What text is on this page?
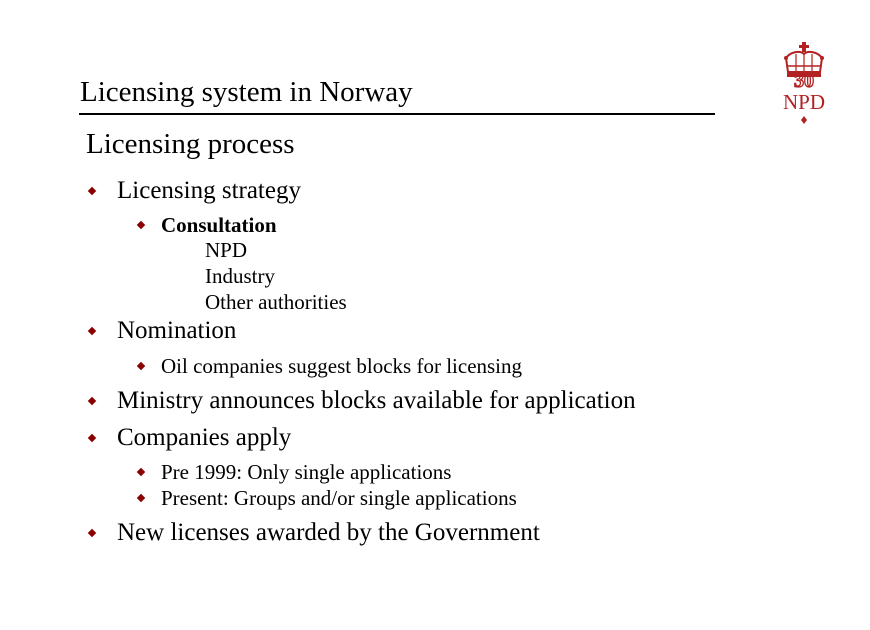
Licensing system in Norway	30
NPD
Licensing process
Licensing strategy
Consultation
NPD
Industry
Other authorities
Nomination
Oil companies suggest blocks for licensing
Ministry announces blocks available for application
Companies apply
Pre 1999: Only single applications
Present: Groups and/or single applications
New licenses awarded by the Government
